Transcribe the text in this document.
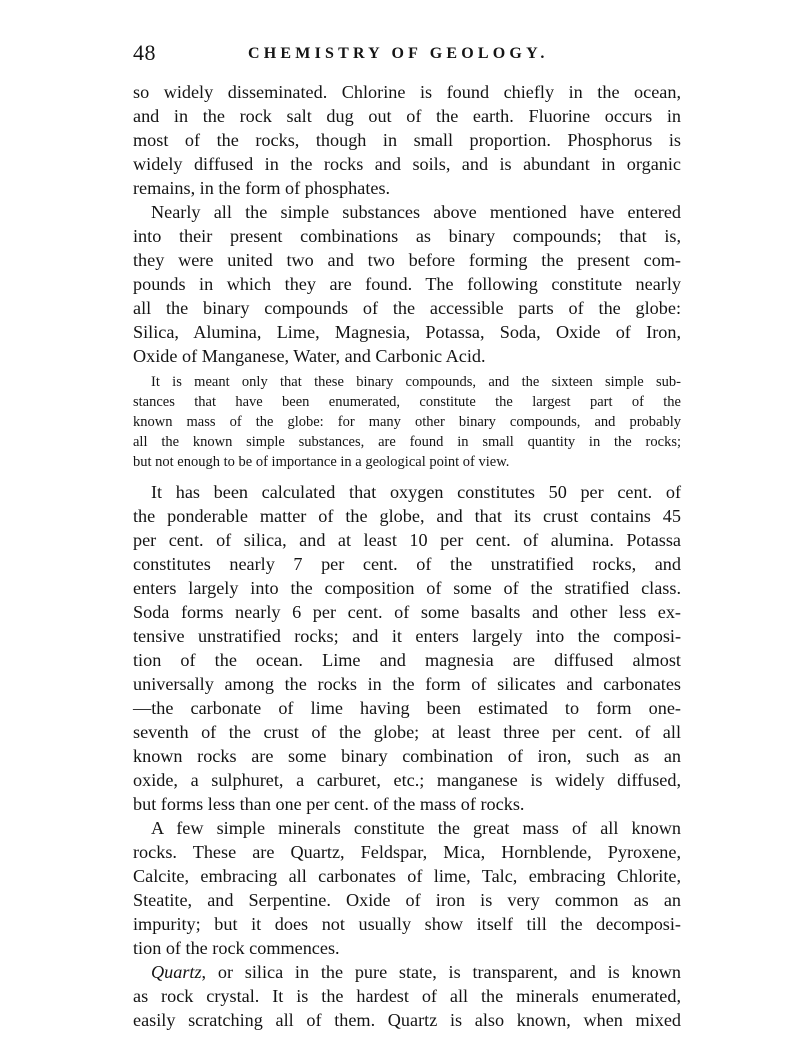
48	CHEMISTRY OF GEOLOGY.
so widely disseminated. Chlorine is found chiefly in the ocean,
and in the rock salt dug out of the earth. Fluorine occurs in
most of the rocks, though in small proportion. Phosphorus is
widely diffused in the rocks and soils, and is abundant in organic
remains, in the form of phosphates.
Nearly all the simple substances above mentioned have entered
into their present combinations as binary compounds; that is,
they were united two and two before forming the present com-
pounds in which they are found. The following constitute nearly
all the binary compounds of the accessible parts of the globe:
Silica, Alumina, Lime, Magnesia, Potassa, Soda, Oxide of Iron,
Oxide of Manganese, Water, and Carbonic Acid.
It is meant only that these binary compounds, and the sixteen simple sub-
stances that have been enumerated, constitute the largest part of the
known mass of the globe: for many other binary compounds, and probably
all the known simple substances, are found in small quantity in the rocks;
but not enough to be of importance in a geological point of view.
It has been calculated that oxygen constitutes 50 per cent. of
the ponderable matter of the globe, and that its crust contains 45
per cent. of silica, and at least 10 per cent. of alumina. Potassa
constitutes nearly 7 per cent. of the unstratified rocks, and
enters largely into the composition of some of the stratified class.
Soda forms nearly 6 per cent. of some basalts and other less ex-
tensive unstratified rocks; and it enters largely into the composi-
tion of the ocean. Lime and magnesia are diffused almost
universally among the rocks in the form of silicates and carbonates
—the carbonate of lime having been estimated to form one-
seventh of the crust of the globe; at least three per cent. of all
known rocks are some binary combination of iron, such as an
oxide, a sulphuret, a carburet, etc.; manganese is widely diffused,
but forms less than one per cent. of the mass of rocks.
A few simple minerals constitute the great mass of all known
rocks. These are Quartz, Feldspar, Mica, Hornblende, Pyroxene,
Calcite, embracing all carbonates of lime, Talc, embracing Chlorite,
Steatite, and Serpentine. Oxide of iron is very common as an
impurity; but it does not usually show itself till the decomposi-
tion of the rock commences.
Quartz, or silica in the pure state, is transparent, and is known
as rock crystal. It is the hardest of all the minerals enumerated,
easily scratching all of them. Quartz is also known, when mixed
